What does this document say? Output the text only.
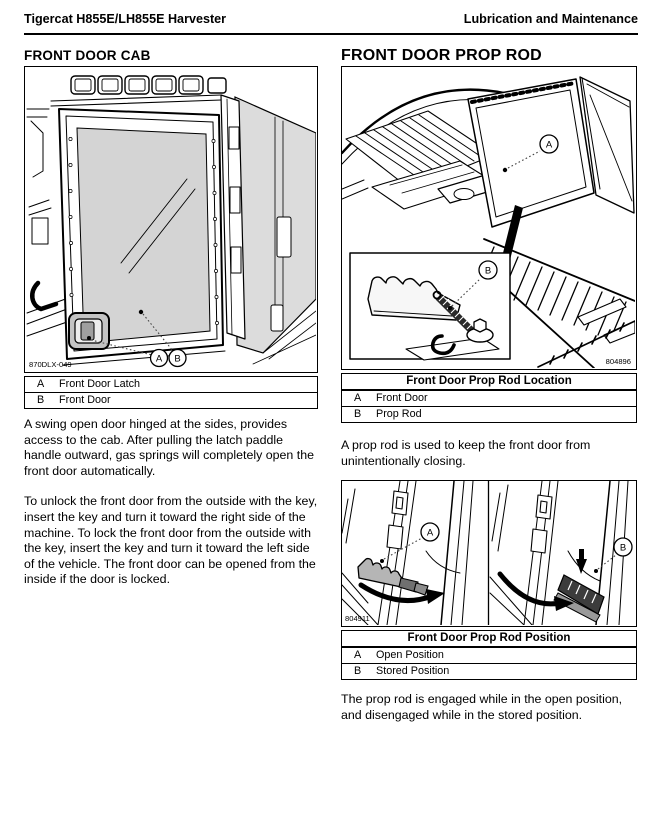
Tigercat H855E/LH855E Harvester	Lubrication and Maintenance
FRONT DOOR CAB
A B
870DLX-049
A	Front Door Latch
B	Front Door

A swing open door hinged at the sides, provides access to the cab. After pulling the latch paddle handle outward, gas springs will completely open the front door automatically.

To unlock the front door from the outside with the key, insert the key and turn it toward the right side of the machine. To lock the front door from the outside with the key, insert the key and turn it toward the left side of the vehicle. The front door can be opened from the inside if the door is locked.

FRONT DOOR PROP ROD
A
B
804896
Front Door Prop Rod Location
A	Front Door
B	Prop Rod

A prop rod is used to keep the front door from unintentionally closing.

A
804911
B
Front Door Prop Rod Position
A	Open Position
B	Stored Position

The prop rod is engaged while in the open position, and disengaged while in the stored position.
